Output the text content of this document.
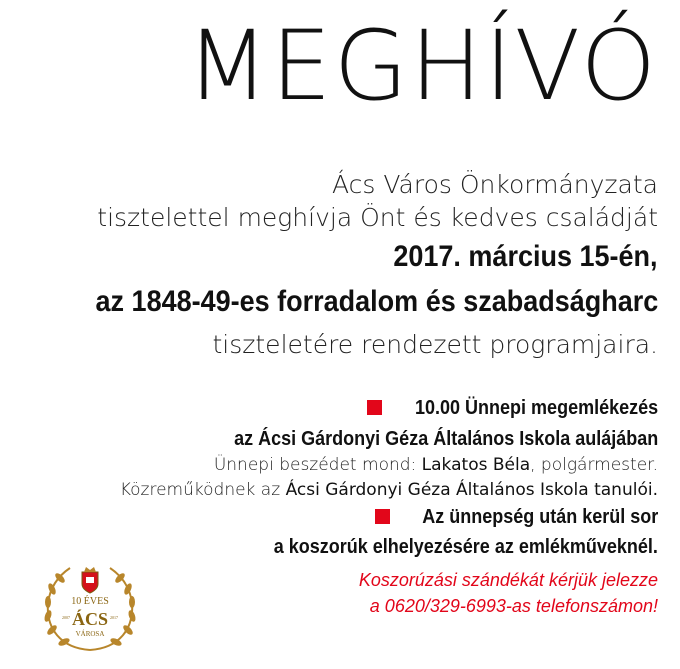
MEGHÍVÓ
Ács Város Önkormányzata
tisztelettel meghívja Önt és kedves családját
2017. március 15-én,
az 1848-49-es forradalom és szabadságharc
tiszteletére rendezett programjaira.
10.00 Ünnepi megemlékezés
az Ácsi Gárdonyi Géza Általános Iskola aulájában
Ünnepi beszédet mond: Lakatos Béla, polgármester.
Közreműködnek az Ácsi Gárdonyi Géza Általános Iskola tanulói.
Az ünnepség után kerül sor
a koszorúk elhelyezésére az emlékműveknél.
Koszorúzási szándékát kérjük jelezze
a 0620/329-6993-as telefonszámon!
10 ÉVES
ÁCS
2007	2017
VÁROSA
